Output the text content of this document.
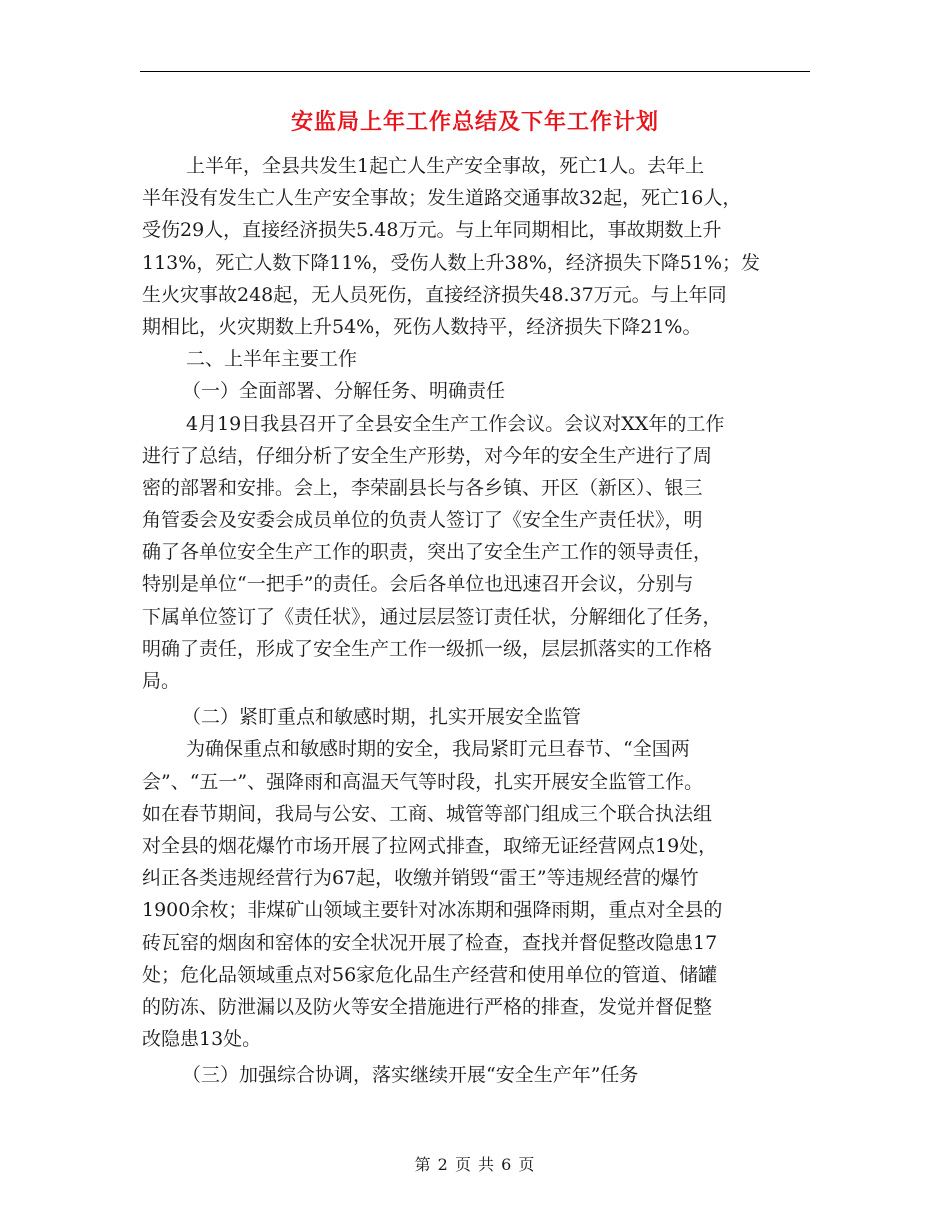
安监局上年工作总结及下年工作计划
上半年，全县共发生1起亡人生产安全事故，死亡1人。去年上
半年没有发生亡人生产安全事故；发生道路交通事故32起，死亡16人，
受伤29人，直接经济损失5.48万元。与上年同期相比，事故期数上升
113%，死亡人数下降11%，受伤人数上升38%，经济损失下降51%；发
生火灾事故248起，无人员死伤，直接经济损失48.37万元。与上年同
期相比，火灾期数上升54%，死伤人数持平，经济损失下降21%。
二、上半年主要工作
（一）全面部署、分解任务、明确责任
4月19日我县召开了全县安全生产工作会议。会议对XX年的工作
进行了总结，仔细分析了安全生产形势，对今年的安全生产进行了周
密的部署和安排。会上，李荣副县长与各乡镇、开区（新区）、银三
角管委会及安委会成员单位的负责人签订了《安全生产责任状》，明
确了各单位安全生产工作的职责，突出了安全生产工作的领导责任，
特别是单位“一把手”的责任。会后各单位也迅速召开会议，分别与
下属单位签订了《责任状》，通过层层签订责任状，分解细化了任务，
明确了责任，形成了安全生产工作一级抓一级，层层抓落实的工作格
局。
（二）紧盯重点和敏感时期，扎实开展安全监管
为确保重点和敏感时期的安全，我局紧盯元旦春节、“全国两
会”、“五一”、强降雨和高温天气等时段，扎实开展安全监管工作。
如在春节期间，我局与公安、工商、城管等部门组成三个联合执法组
对全县的烟花爆竹市场开展了拉网式排查，取缔无证经营网点19处，
纠正各类违规经营行为67起，收缴并销毁“雷王”等违规经营的爆竹
1900余枚；非煤矿山领域主要针对冰冻期和强降雨期，重点对全县的
砖瓦窑的烟囱和窑体的安全状况开展了检查，查找并督促整改隐患17
处；危化品领域重点对56家危化品生产经营和使用单位的管道、储罐
的防冻、防泄漏以及防火等安全措施进行严格的排查，发觉并督促整
改隐患13处。
（三）加强综合协调，落实继续开展“安全生产年”任务
第 2 页 共 6 页
